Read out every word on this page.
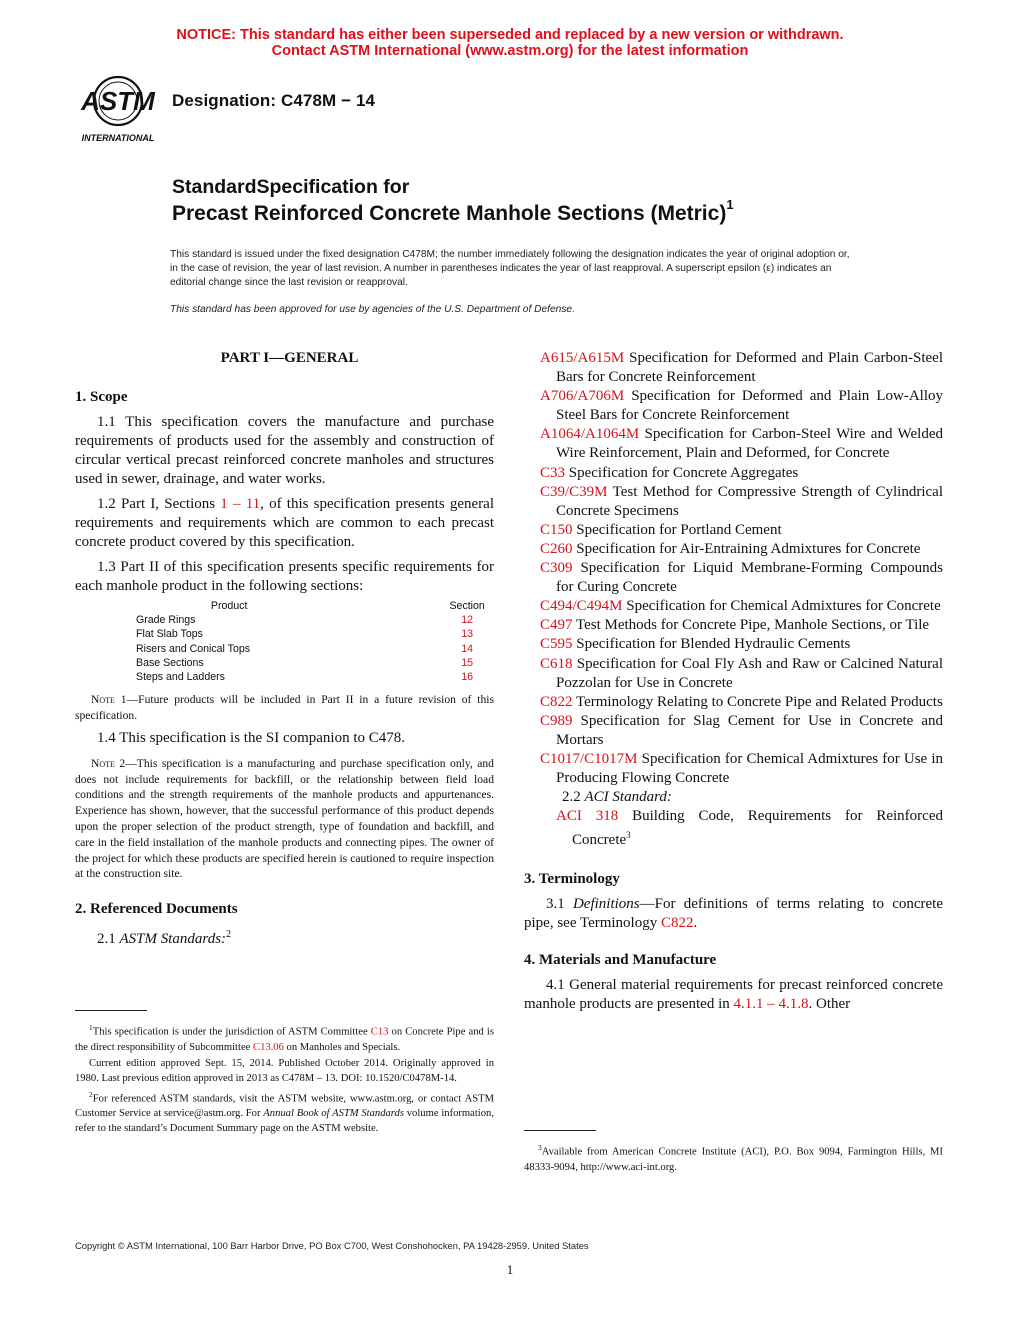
NOTICE: This standard has either been superseded and replaced by a new version or withdrawn.
Contact ASTM International (www.astm.org) for the latest information
ASTM
INTERNATIONAL
Designation: C478M − 14
StandardSpecification for
Precast Reinforced Concrete Manhole Sections (Metric)$^1$
This standard is issued under the fixed designation C478M; the number immediately following the designation indicates the year of original adoption or, in the case of revision, the year of last revision. A number in parentheses indicates the year of last reapproval. A superscript epsilon (ε) indicates an editorial change since the last revision or reapproval.
This standard has been approved for use by agencies of the U.S. Department of Defense.
PART I—GENERAL
1. Scope

1.1 This specification covers the manufacture and purchase requirements of products used for the assembly and construction of circular vertical precast reinforced concrete manholes and structures used in sewer, drainage, and water works.

1.2 Part I, Sections 1 – 11, of this specification presents general requirements and requirements which are common to each precast concrete product covered by this specification.

1.3 Part II of this specification presents specific requirements for each manhole product in the following sections:

Product	Section
Grade Rings	12
Flat Slab Tops	13
Risers and Conical Tops	14
Base Sections	15
Steps and Ladders	16
Note 1—Future products will be included in Part II in a future revision of this specification.

1.4 This specification is the SI companion to C478.

Note 2—This specification is a manufacturing and purchase specification only, and does not include requirements for backfill, or the relationship between field load conditions and the strength requirements of the manhole products and appurtenances. Experience has shown, however, that the successful performance of this product depends upon the proper selection of the product strength, type of foundation and backfill, and care in the field installation of the manhole products and connecting pipes. The owner of the project for which these products are specified herein is cautioned to require inspection at the construction site.
2. Referenced Documents

2.1 ASTM Standards:$^2$

$^1$This specification is under the jurisdiction of ASTM Committee C13 on Concrete Pipe and is the direct responsibility of Subcommittee C13.06 on Manholes and Specials.
Current edition approved Sept. 15, 2014. Published October 2014. Originally approved in 1980. Last previous edition approved in 2013 as C478M – 13. DOI: 10.1520/C0478M-14.
$^2$For referenced ASTM standards, visit the ASTM website, www.astm.org, or contact ASTM Customer Service at service@astm.org. For Annual Book of ASTM Standards volume information, refer to the standard’s Document Summary page on the ASTM website.
A615/A615M Specification for Deformed and Plain Carbon-Steel Bars for Concrete Reinforcement
A706/A706M Specification for Deformed and Plain Low-Alloy Steel Bars for Concrete Reinforcement
A1064/A1064M Specification for Carbon-Steel Wire and Welded Wire Reinforcement, Plain and Deformed, for Concrete
C33 Specification for Concrete Aggregates
C39/C39M Test Method for Compressive Strength of Cylindrical Concrete Specimens
C150 Specification for Portland Cement
C260 Specification for Air-Entraining Admixtures for Concrete
C309 Specification for Liquid Membrane-Forming Compounds for Curing Concrete
C494/C494M Specification for Chemical Admixtures for Concrete
C497 Test Methods for Concrete Pipe, Manhole Sections, or Tile
C595 Specification for Blended Hydraulic Cements
C618 Specification for Coal Fly Ash and Raw or Calcined Natural Pozzolan for Use in Concrete
C822 Terminology Relating to Concrete Pipe and Related Products
C989 Specification for Slag Cement for Use in Concrete and Mortars
C1017/C1017M Specification for Chemical Admixtures for Use in Producing Flowing Concrete
2.2 ACI Standard:
ACI 318 Building Code, Requirements for Reinforced Concrete$^3$
3. Terminology

3.1 Definitions—For definitions of terms relating to concrete pipe, see Terminology C822.

4. Materials and Manufacture

4.1 General material requirements for precast reinforced concrete manhole products are presented in 4.1.1 – 4.1.8. Other

$^3$Available from American Concrete Institute (ACI), P.O. Box 9094, Farmington Hills, MI 48333-9094, http://www.aci-int.org.
Copyright © ASTM International, 100 Barr Harbor Drive, PO Box C700, West Conshohocken, PA 19428-2959. United States
1
